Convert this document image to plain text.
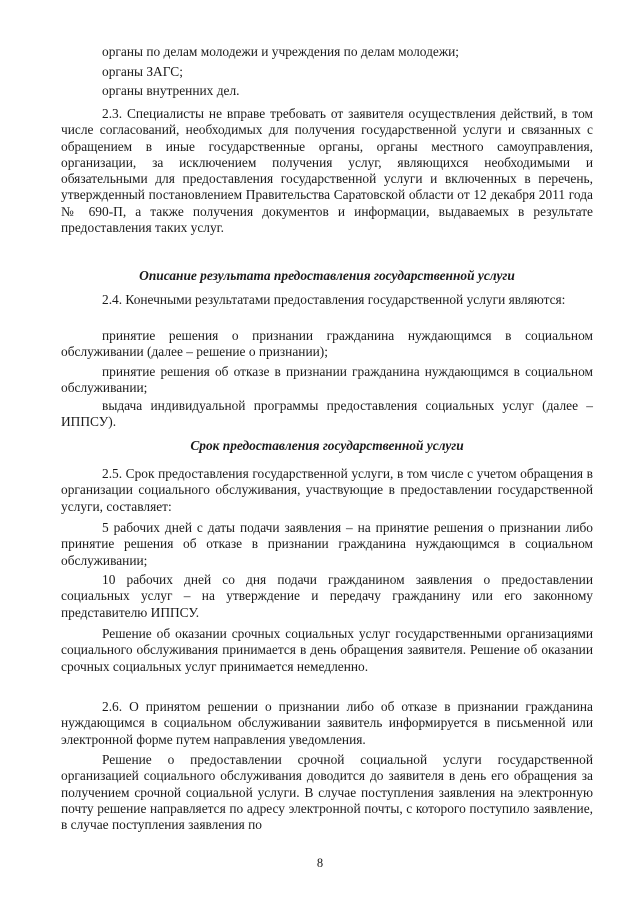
органы по делам молодежи и учреждения по делам молодежи;
органы ЗАГС;
органы внутренних дел.

2.3. Специалисты не вправе требовать от заявителя осуществления действий, в том числе согласований, необходимых для получения государственной услуги и связанных с обращением в иные государственные органы, органы местного самоуправления, организации, за исключением получения услуг, являющихся необходимыми и обязательными для предоставления государственной услуги и включенных в перечень, утвержденный постановлением Правительства Саратовской области от 12 декабря 2011 года № 690-П, а также получения документов и информации, выдаваемых в результате предоставления таких услуг.

Описание результата предоставления государственной услуги

2.4. Конечными результатами предоставления государственной услуги являются:

принятие решения о признании гражданина нуждающимся в социальном обслуживании (далее – решение о признании);

принятие решения об отказе в признании гражданина нуждающимся в социальном обслуживании;

выдача индивидуальной программы предоставления социальных услуг (далее – ИППСУ).

Срок предоставления государственной услуги

2.5. Срок предоставления государственной услуги, в том числе с учетом обращения в организации социального обслуживания, участвующие в предоставлении государственной услуги, составляет:

5 рабочих дней с даты подачи заявления – на принятие решения о признании либо принятие решения об отказе в признании гражданина нуждающимся в социальном обслуживании;

10 рабочих дней со дня подачи гражданином заявления о предоставлении социальных услуг – на утверждение и передачу гражданину или его законному представителю ИППСУ.

Решение об оказании срочных социальных услуг государственными организациями социального обслуживания принимается в день обращения заявителя. Решение об оказании срочных социальных услуг принимается немедленно.

2.6. О принятом решении о признании либо об отказе в признании гражданина нуждающимся в социальном обслуживании заявитель информируется в письменной или электронной форме путем направления уведомления.

Решение о предоставлении срочной социальной услуги государственной организацией социального обслуживания доводится до заявителя в день его обращения за получением срочной социальной услуги. В случае поступления заявления на электронную почту решение направляется по адресу электронной почты, с которого поступило заявление, в случае поступления заявления по

8
